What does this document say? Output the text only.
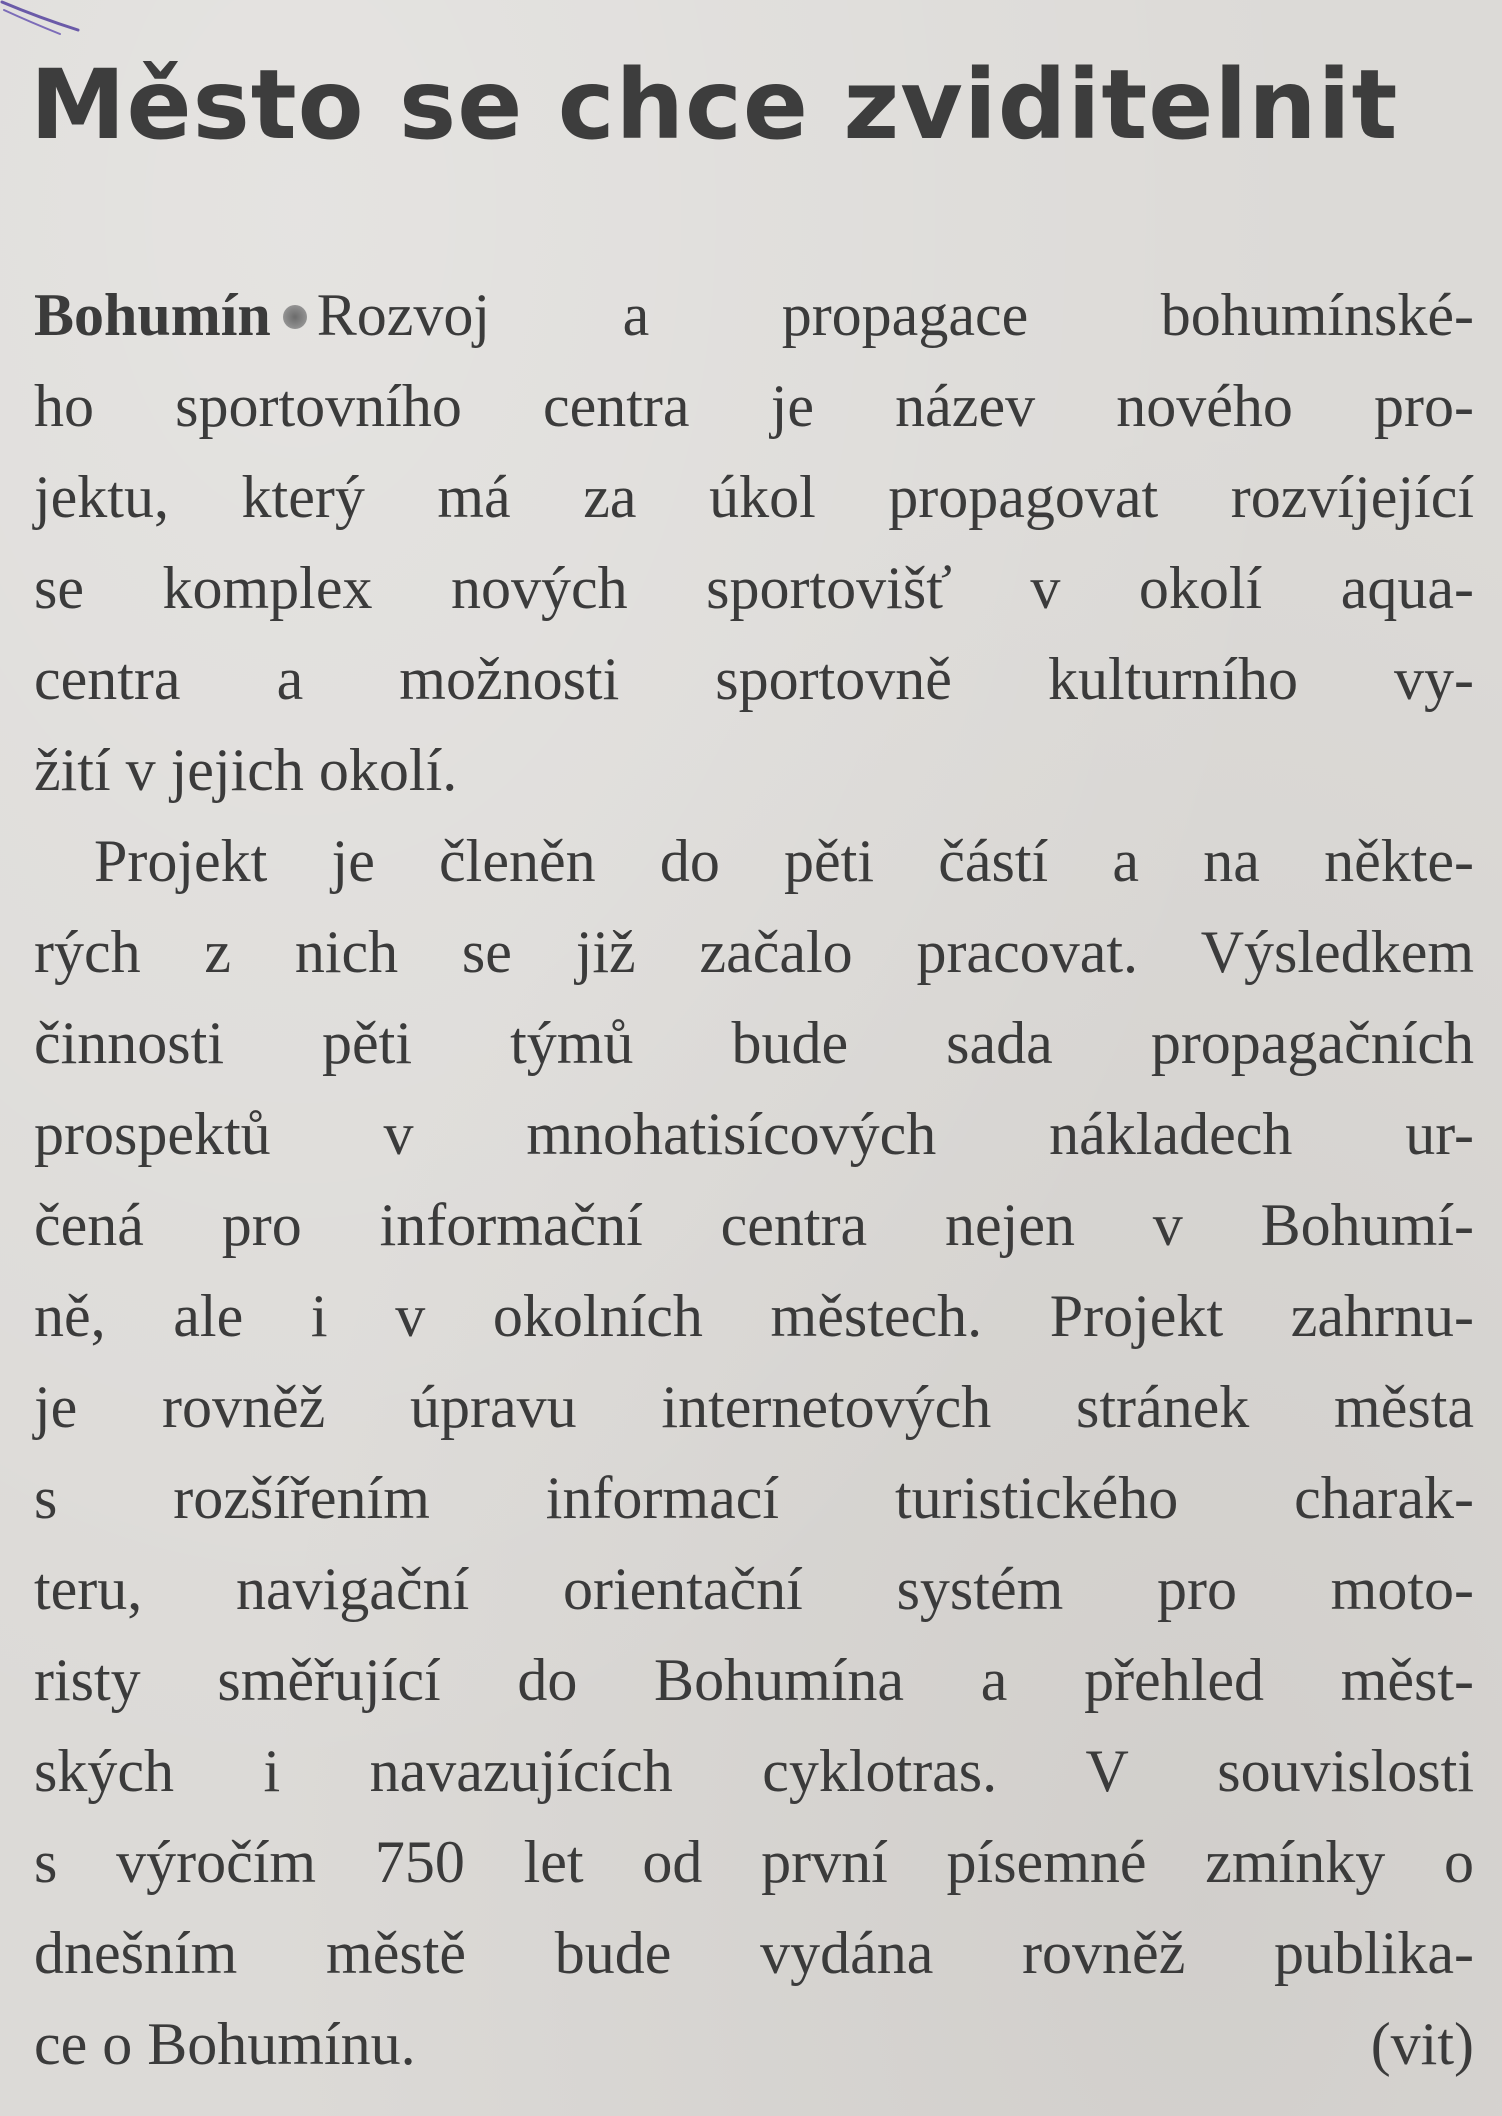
Město se chce zviditelnit
Bohumín Rozvoj a propagace bohumínské-
ho sportovního centra je název nového pro-
jektu, který má za úkol propagovat rozvíjející
se komplex nových sportovišť v okolí aqua-
centra a možnosti sportovně kulturního vy-
žití v jejich okolí.
Projekt je členěn do pěti částí a na někte-
rých z nich se již začalo pracovat. Výsledkem
činnosti pěti týmů bude sada propagačních
prospektů v mnohatisícových nákladech ur-
čená pro informační centra nejen v Bohumí-
ně, ale i v okolních městech. Projekt zahrnu-
je rovněž úpravu internetových stránek města
s rozšířením informací turistického charak-
teru, navigační orientační systém pro moto-
risty směřující do Bohumína a přehled měst-
ských i navazujících cyklotras. V souvislosti
s výročím 750 let od první písemné zmínky o
dnešním městě bude vydána rovněž publika-
ce o Bohumínu.	(vit)
